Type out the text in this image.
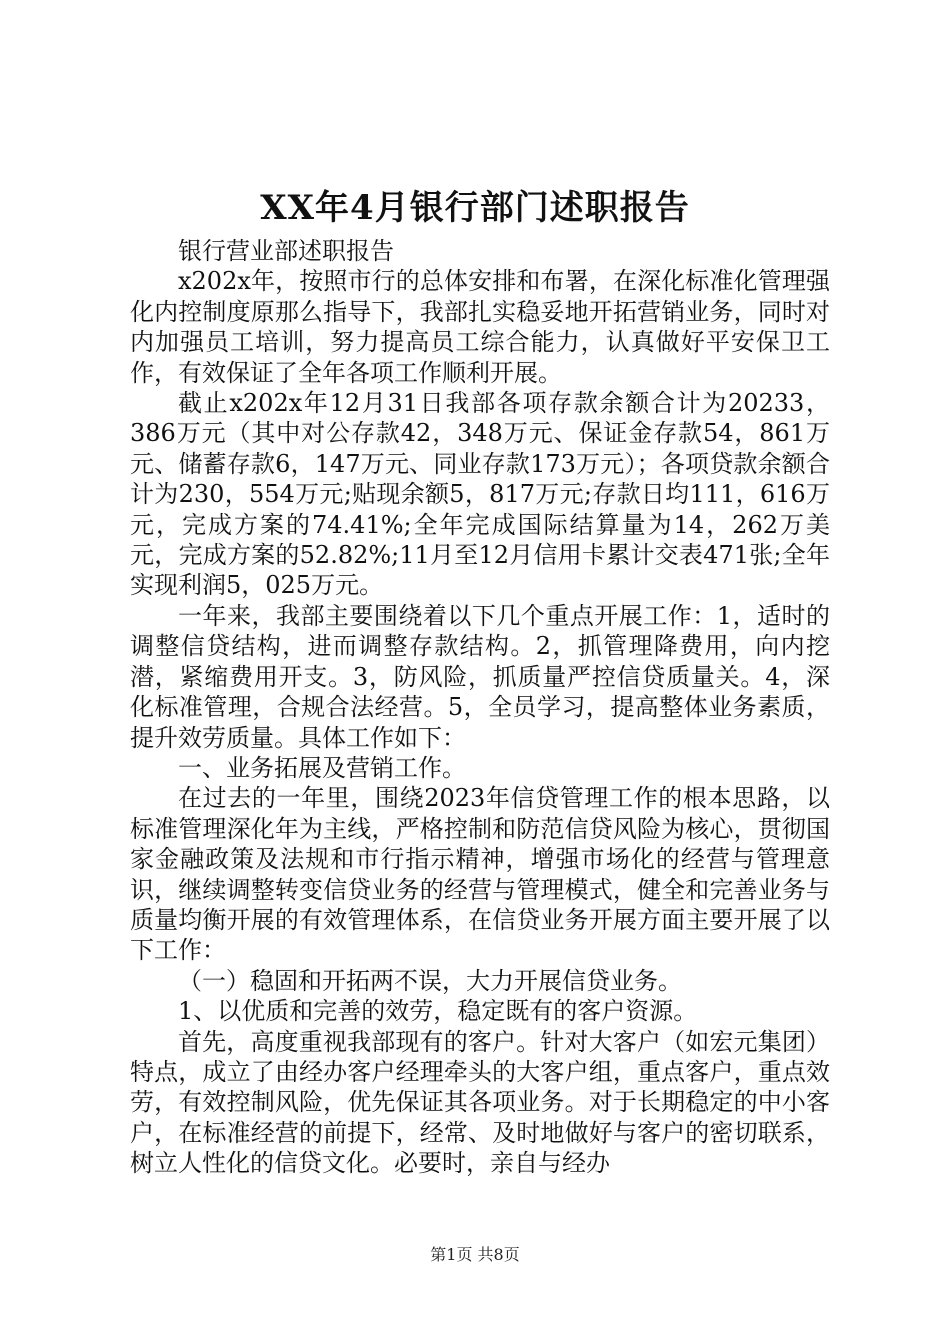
XX年4月银行部门述职报告

银行营业部述职报告

x202x年，按照市行的总体安排和布署，在深化标准化管理强化内控制度原那么指导下，我部扎实稳妥地开拓营销业务，同时对内加强员工培训，努力提高员工综合能力，认真做好平安保卫工作，有效保证了全年各项工作顺利开展。

截止x202x年12月31日我部各项存款余额合计为20233，386万元（其中对公存款42，348万元、保证金存款54，861万元、储蓄存款6，147万元、同业存款173万元）；各项贷款余额合计为230，554万元;贴现余额5，817万元;存款日均111，616万元，完成方案的74.41%;全年完成国际结算量为14，262万美元，完成方案的52.82%;11月至12月信用卡累计交表471张;全年实现利润5，025万元。

一年来，我部主要围绕着以下几个重点开展工作：1，适时的调整信贷结构，进而调整存款结构。2，抓管理降费用，向内挖潜，紧缩费用开支。3，防风险，抓质量严控信贷质量关。4，深化标准管理，合规合法经营。5，全员学习，提高整体业务素质，提升效劳质量。具体工作如下：

一、业务拓展及营销工作。

在过去的一年里，围绕2023年信贷管理工作的根本思路，以标准管理深化年为主线，严格控制和防范信贷风险为核心，贯彻国家金融政策及法规和市行指示精神，增强市场化的经营与管理意识，继续调整转变信贷业务的经营与管理模式，健全和完善业务与质量均衡开展的有效管理体系，在信贷业务开展方面主要开展了以下工作：

（一）稳固和开拓两不误，大力开展信贷业务。

1、以优质和完善的效劳，稳定既有的客户资源。

首先，高度重视我部现有的客户。针对大客户（如宏元集团）特点，成立了由经办客户经理牵头的大客户组，重点客户，重点效劳，有效控制风险，优先保证其各项业务。对于长期稳定的中小客户，在标准经营的前提下，经常、及时地做好与客户的密切联系，树立人性化的信贷文化。必要时，亲自与经办

第1页 共8页
